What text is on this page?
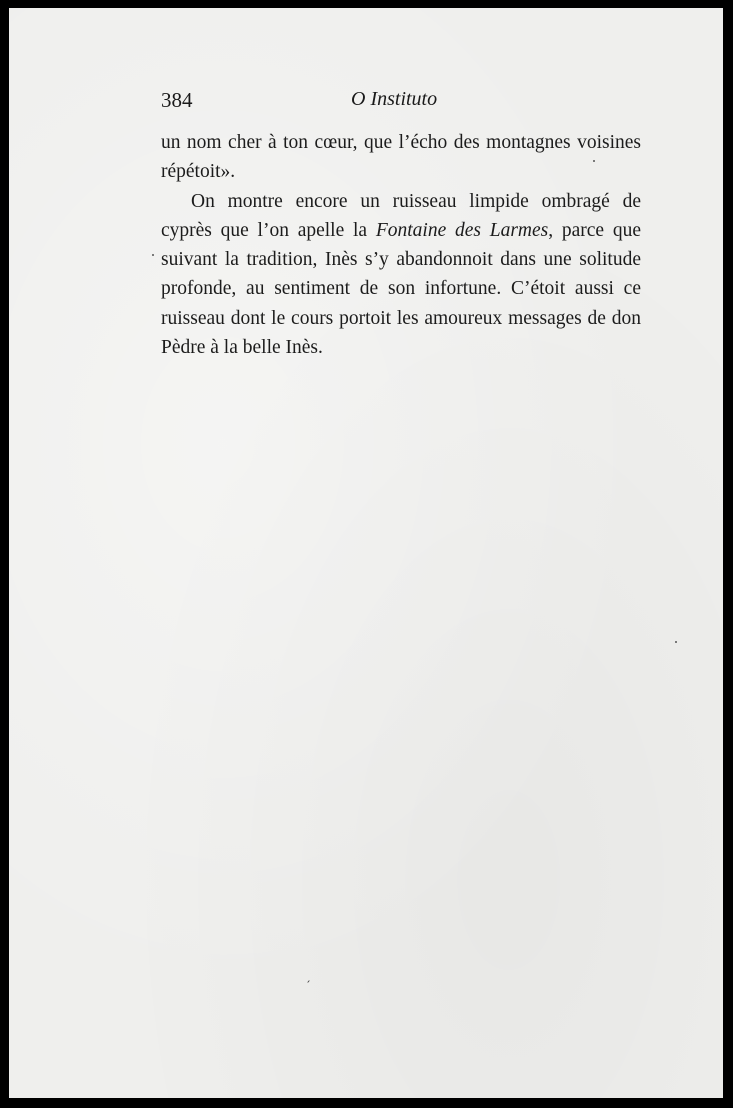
384	O Instituto

un nom cher à ton cœur, que l’écho des montagnes voisines répétoit».

On montre encore un ruisseau limpide ombragé de cyprès que l’on apelle la Fontaine des Larmes, parce que suivant la tradition, Inès s’y abandonnoit dans une solitude profonde, au sentiment de son infortune. C’étoit aussi ce ruisseau dont le cours portoit les amoureux messages de don Pèdre à la belle Inès.
